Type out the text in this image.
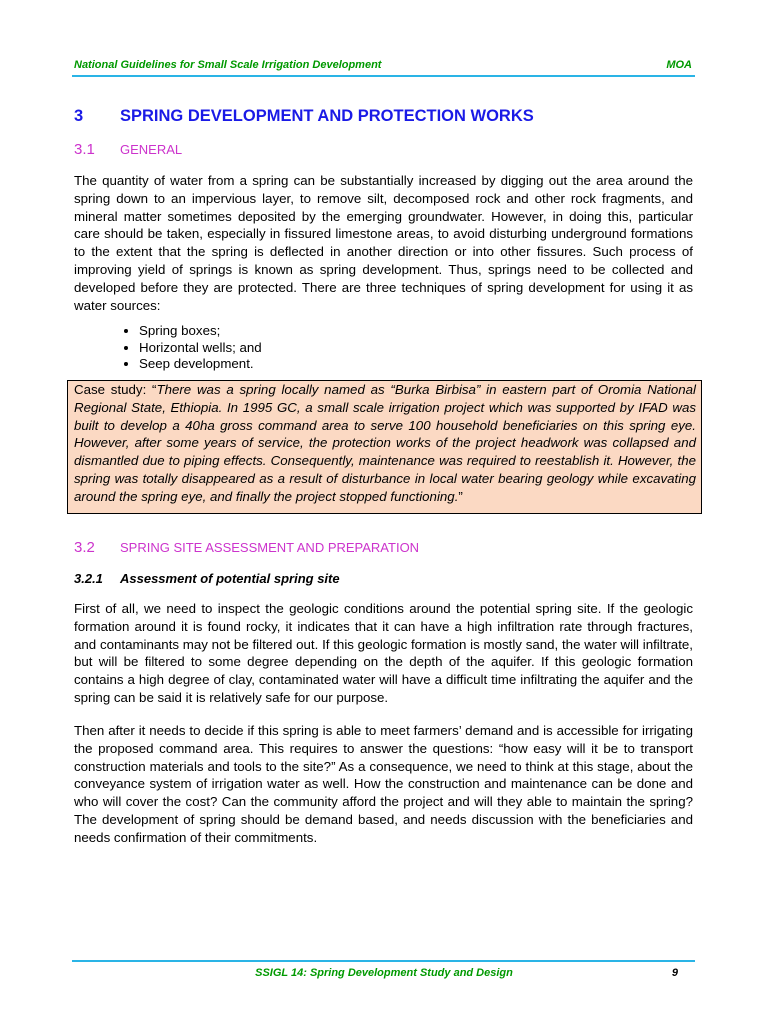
National Guidelines for Small Scale Irrigation Development	MOA
3 SPRING DEVELOPMENT AND PROTECTION WORKS
3.1 GENERAL

The quantity of water from a spring can be substantially increased by digging out the area around the spring down to an impervious layer, to remove silt, decomposed rock and other rock fragments, and mineral matter sometimes deposited by the emerging groundwater. However, in doing this, particular care should be taken, especially in fissured limestone areas, to avoid disturbing underground formations to the extent that the spring is deflected in another direction or into other fissures. Such process of improving yield of springs is known as spring development. Thus, springs need to be collected and developed before they are protected. There are three techniques of spring development for using it as water sources:

• Spring boxes;
• Horizontal wells; and
• Seep development.

Case study: “There was a spring locally named as “Burka Birbisa” in eastern part of Oromia National Regional State, Ethiopia. In 1995 GC, a small scale irrigation project which was supported by IFAD was built to develop a 40ha gross command area to serve 100 household beneficiaries on this spring eye. However, after some years of service, the protection works of the project headwork was collapsed and dismantled due to piping effects. Consequently, maintenance was required to reestablish it. However, the spring was totally disappeared as a result of disturbance in local water bearing geology while excavating around the spring eye, and finally the project stopped functioning.”

3.2 SPRING SITE ASSESSMENT AND PREPARATION
3.2.1 Assessment of potential spring site

First of all, we need to inspect the geologic conditions around the potential spring site. If the geologic formation around it is found rocky, it indicates that it can have a high infiltration rate through fractures, and contaminants may not be filtered out. If this geologic formation is mostly sand, the water will infiltrate, but will be filtered to some degree depending on the depth of the aquifer. If this geologic formation contains a high degree of clay, contaminated water will have a difficult time infiltrating the aquifer and the spring can be said it is relatively safe for our purpose.

Then after it needs to decide if this spring is able to meet farmers’ demand and is accessible for irrigating the proposed command area. This requires to answer the questions: “how easy will it be to transport construction materials and tools to the site?” As a consequence, we need to think at this stage, about the conveyance system of irrigation water as well. How the construction and maintenance can be done and who will cover the cost? Can the community afford the project and will they able to maintain the spring? The development of spring should be demand based, and needs discussion with the beneficiaries and needs confirmation of their commitments.

SSIGL 14: Spring Development Study and Design	9
